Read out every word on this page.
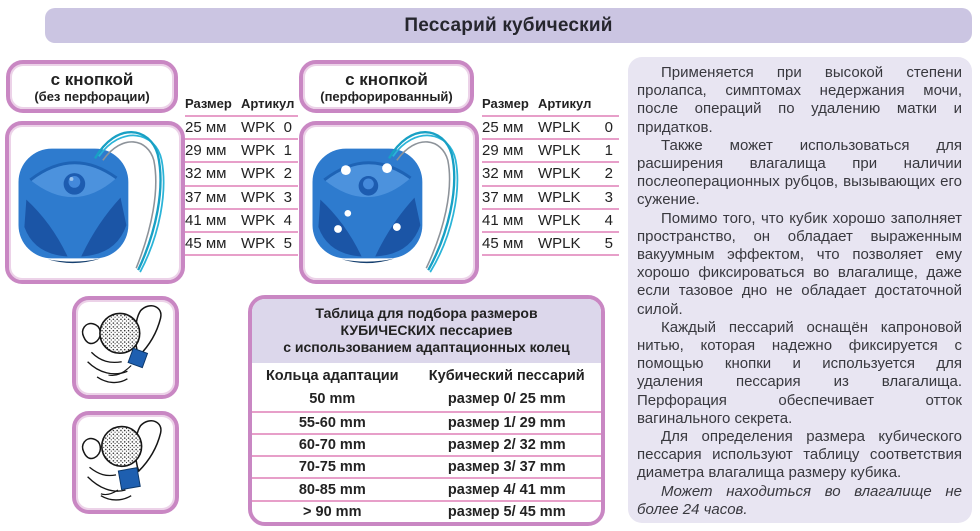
Пессарий кубический
с кнопкой
(без перфорации)	Размер Артикул
25 мм WPK 0
29 мм WPK 1
32 мм WPK 2
37 мм WPK 3
41 мм WPK 4
45 мм WPK 5
с кнопкой
(перфорированный) Размер Артикул
25 мм WPLK 0
29 мм WPLK 1
32 мм WPLK 2
37 мм WPLK 3
41 мм WPLK 4
45 мм WPLK 5
Таблица для подбора размеров
КУБИЧЕСКИХ пессариев
с использованием адаптационных колец
Кольца адаптации	Кубический пессарий
50 mm	размер 0/ 25 mm
55-60 mm	размер 1/ 29 mm
60-70 mm	размер 2/ 32 mm
70-75 mm	размер 3/ 37 mm
80-85 mm	размер 4/ 41 mm
> 90 mm	размер 5/ 45 mm

Применяется при высокой степени пролапса, симптомах недержания мочи, после операций по удалению матки и придатков.

Также может использоваться для расширения влагалища при наличии послеоперационных рубцов, вызывающих его сужение.

Помимо того, что кубик хорошо заполняет пространство, он обладает выраженным вакуумным эффектом, что позволяет ему хорошо фиксироваться во влагалище, даже если тазовое дно не обладает достаточной силой.

Каждый пессарий оснащён капроновой нитью, которая надежно фиксируется с помощью кнопки и используется для удаления пессария из влагалища. Перфорация обеспечивает отток вагинального секрета.

Для определения размера кубического пессария используют таблицу соответствия диаметра влагалища размеру кубика.

Может находиться во влагалище не более 24 часов.
